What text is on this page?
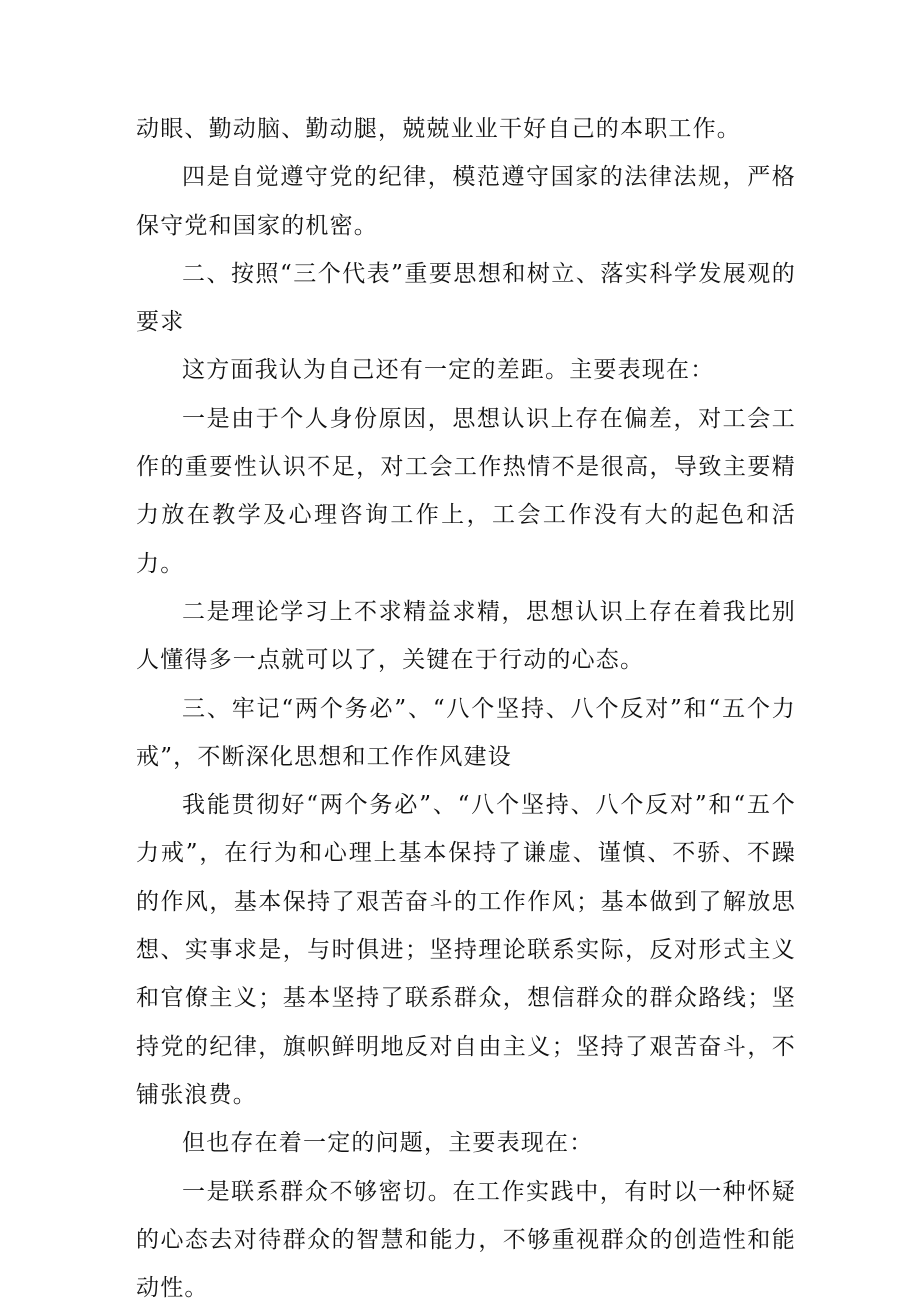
动眼、勤动脑、勤动腿，兢兢业业干好自己的本职工作。

四是自觉遵守党的纪律，模范遵守国家的法律法规，严格保守党和国家的机密。

二、按照“三个代表”重要思想和树立、落实科学发展观的要求

这方面我认为自己还有一定的差距。主要表现在：

一是由于个人身份原因，思想认识上存在偏差，对工会工作的重要性认识不足，对工会工作热情不是很高，导致主要精力放在教学及心理咨询工作上，工会工作没有大的起色和活力。

二是理论学习上不求精益求精，思想认识上存在着我比别人懂得多一点就可以了，关键在于行动的心态。

三、牢记“两个务必”、“八个坚持、八个反对”和“五个力戒”，不断深化思想和工作作风建设

我能贯彻好“两个务必”、“八个坚持、八个反对”和“五个力戒”，在行为和心理上基本保持了谦虚、谨慎、不骄、不躁的作风，基本保持了艰苦奋斗的工作作风；基本做到了解放思想、实事求是，与时俱进；坚持理论联系实际，反对形式主义和官僚主义；基本坚持了联系群众，想信群众的群众路线；坚持党的纪律，旗帜鲜明地反对自由主义；坚持了艰苦奋斗，不铺张浪费。

但也存在着一定的问题，主要表现在：

一是联系群众不够密切。在工作实践中，有时以一种怀疑的心态去对待群众的智慧和能力，不够重视群众的创造性和能动性。
